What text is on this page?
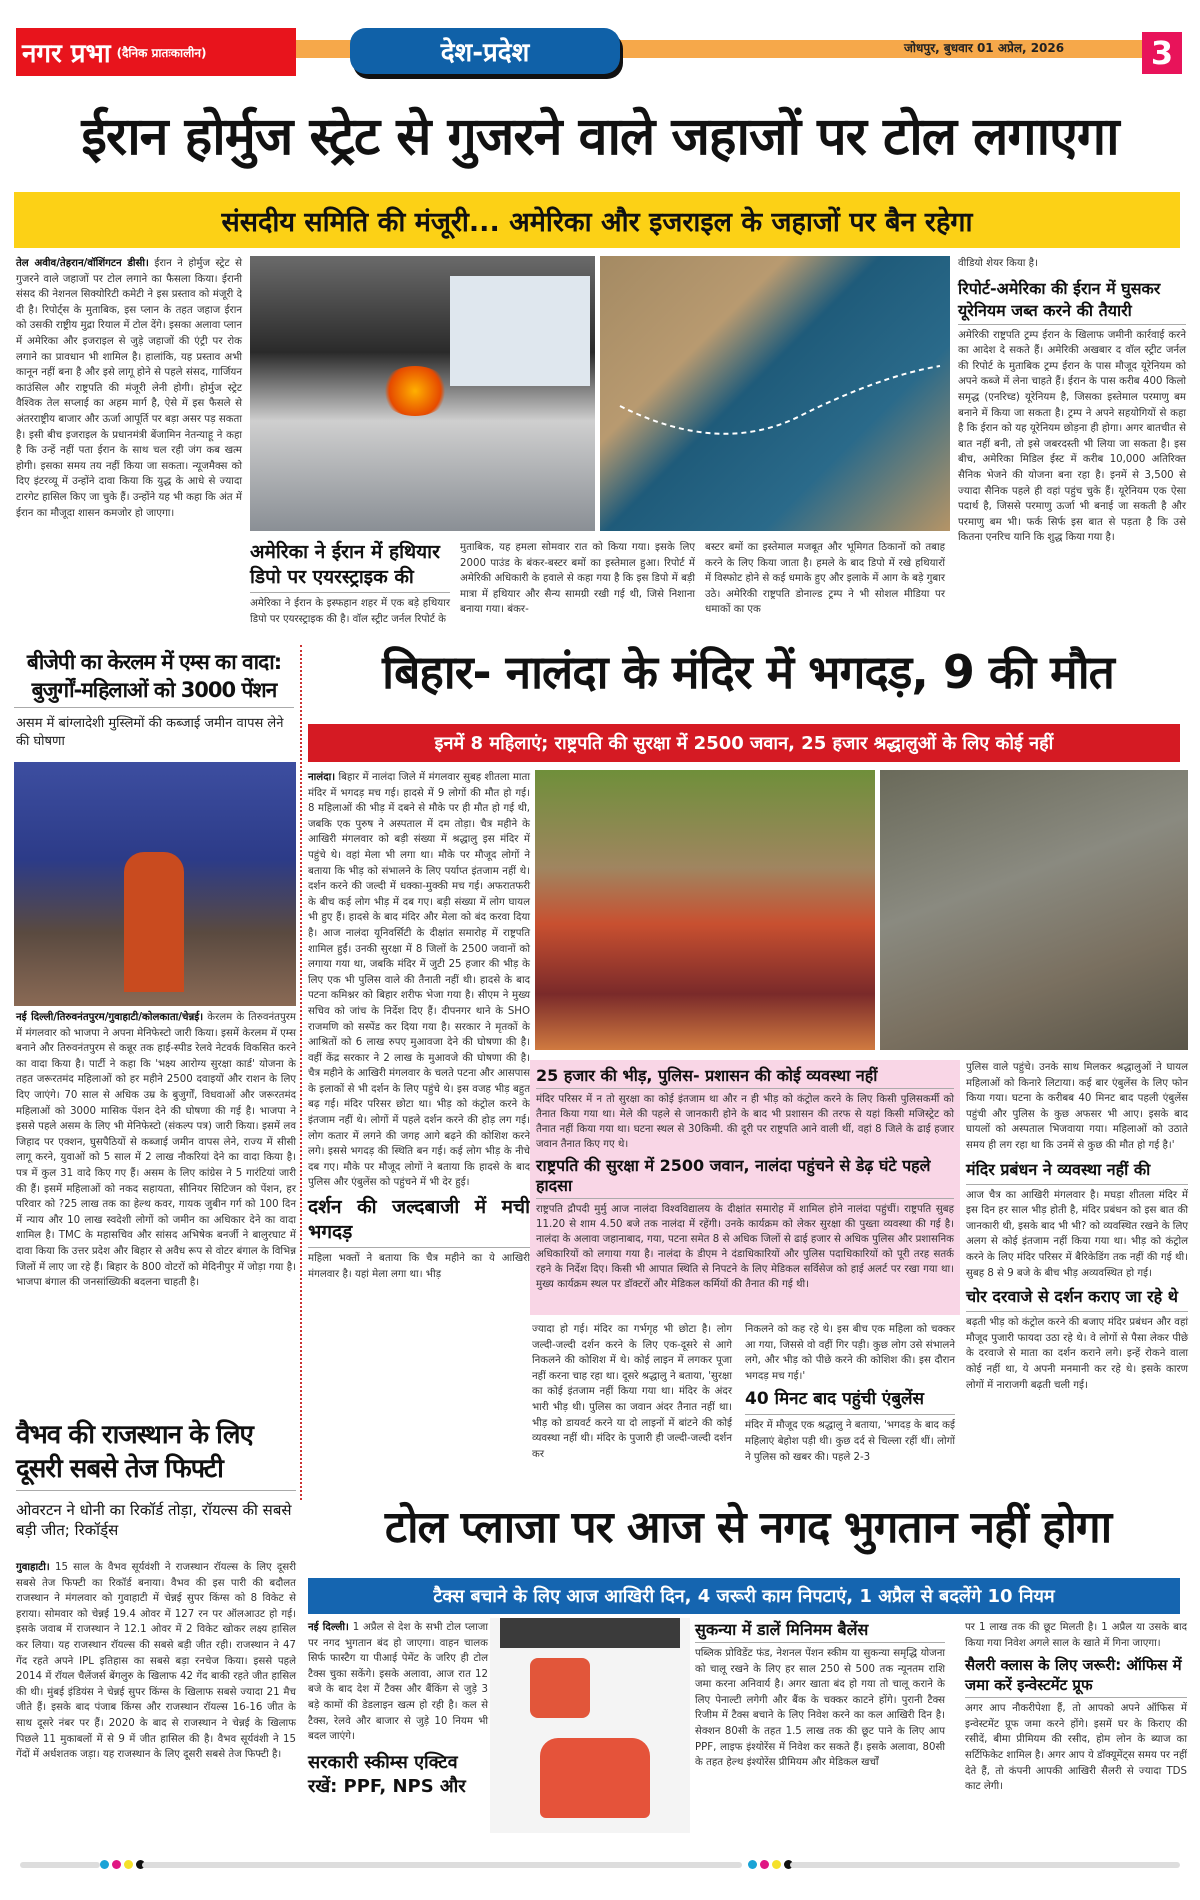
नगर प्रभा (दैनिक प्रातःकालीन)	देश-प्रदेश	जोधपुर, बुधवार 01 अप्रेल, 2026	3
ईरान होर्मुज स्ट्रेट से गुजरने वाले जहाजों पर टोल लगाएगा
संसदीय समिति की मंजूरी... अमेरिका और इजराइल के जहाजों पर बैन रहेगा
तेल अवीव/तेहरान/वॉशिंगटन डीसी। ईरान ने होर्मुज स्ट्रेट से गुजरने वाले जहाजों पर टोल लगाने का फैसला किया। ईरानी संसद की नेशनल सिक्योरिटी कमेटी ने इस प्रस्ताव को मंजूरी दे दी है। रिपोर्ट्स के मुताबिक, इस प्लान के तहत जहाज ईरान को उसकी राष्ट्रीय मुद्रा रियाल में टोल देंगे। इसका अलावा प्लान में अमेरिका और इजराइल से जुड़े जहाजों की एंट्री पर रोक लगाने का प्रावधान भी शामिल है। हालांकि, यह प्रस्ताव अभी कानून नहीं बना है और इसे लागू होने से पहले संसद, गार्जियन काउंसिल और राष्ट्रपति की मंजूरी लेनी होगी। होर्मुज स्ट्रेट वैश्विक तेल सप्लाई का अहम मार्ग है, ऐसे में इस फैसले से अंतरराष्ट्रीय बाजार और ऊर्जा आपूर्ति पर बड़ा असर पड़ सकता है। इसी बीच इजराइल के प्रधानमंत्री बेंजामिन नेतन्याहू ने कहा है कि उन्हें नहीं पता ईरान के साथ चल रही जंग कब खत्म होगी। इसका समय तय नहीं किया जा सकता। न्यूजमैक्स को दिए इंटरव्यू में उन्होंने दावा किया कि युद्ध के आधे से ज्यादा टारगेट हासिल किए जा चुके हैं। उन्होंने यह भी कहा कि अंत में ईरान का मौजूदा शासन कमजोर हो जाएगा।
अमेरिका ने ईरान में हथियार डिपो पर एयरस्ट्राइक की
अमेरिका ने ईरान के इस्फहान शहर में एक बड़े हथियार डिपो पर एयरस्ट्राइक की है। वॉल स्ट्रीट जर्नल रिपोर्ट के
मुताबिक, यह हमला सोमवार रात को किया गया। इसके लिए 2000 पाउंड के बंकर-बस्टर बमों का इस्तेमाल हुआ। रिपोर्ट में अमेरिकी अधिकारी के हवाले से कहा गया है कि इस डिपो में बड़ी मात्रा में हथियार और सैन्य सामग्री रखी गई थी, जिसे निशाना बनाया गया। बंकर-
बस्टर बमों का इस्तेमाल मजबूत और भूमिगत ठिकानों को तबाह करने के लिए किया जाता है। हमले के बाद डिपो में रखे हथियारों में विस्फोट होने से कई धमाके हुए और इलाके में आग के बड़े गुबार उठे। अमेरिकी राष्ट्रपति डोनाल्ड ट्रम्प ने भी सोशल मीडिया पर धमाकों का एक
वीडियो शेयर किया है।
रिपोर्ट-अमेरिका की ईरान में घुसकर यूरेनियम जब्त करने की तैयारी
अमेरिकी राष्ट्रपति ट्रम्प ईरान के खिलाफ जमीनी कार्रवाई करने का आदेश दे सकते हैं। अमेरिकी अखबार द वॉल स्ट्रीट जर्नल की रिपोर्ट के मुताबिक ट्रम्प ईरान के पास मौजूद यूरेनियम को अपने कब्जे में लेना चाहते हैं। ईरान के पास करीब 400 किलो समृद्ध (एनरिच्ड) यूरेनियम है, जिसका इस्तेमाल परमाणु बम बनाने में किया जा सकता है। ट्रम्प ने अपने सहयोगियों से कहा है कि ईरान को यह यूरेनियम छोड़ना ही होगा। अगर बातचीत से बात नहीं बनी, तो इसे जबरदस्ती भी लिया जा सकता है। इस बीच, अमेरिका मिडिल ईस्ट में करीब 10,000 अतिरिक्त सैनिक भेजने की योजना बना रहा है। इनमें से 3,500 से ज्यादा सैनिक पहले ही वहां पहुंच चुके हैं। यूरेनियम एक ऐसा पदार्थ है, जिससे परमाणु ऊर्जा भी बनाई जा सकती है और परमाणु बम भी। फर्क सिर्फ इस बात से पड़ता है कि उसे कितना एनरिच यानि कि शुद्ध किया गया है।
बीजेपी का केरलम में एम्स का वादा: बुजुर्गों-महिलाओं को 3000 पेंशन
असम में बांग्लादेशी मुस्लिमों की कब्जाई जमीन वापस लेने की घोषणा
नई दिल्ली/तिरुवनंतपुरम/गुवाहाटी/कोलकाता/चेन्नई। केरलम के तिरुवनंतपुरम में मंगलवार को भाजपा ने अपना मेनिफेस्टो जारी किया। इसमें केरलम में एम्स बनाने और तिरुवनंतपुरम से कन्नूर तक हाई-स्पीड रेलवे नेटवर्क विकसित करने का वादा किया है। पार्टी ने कहा कि 'भक्ष्य आरोग्य सुरक्षा कार्ड' योजना के तहत जरूरतमंद महिलाओं को हर महीने 2500 दवाइयों और राशन के लिए दिए जाएंगे। 70 साल से अधिक उम्र के बुजुर्गों, विधवाओं और जरूरतमंद महिलाओं को 3000 मासिक पेंशन देने की घोषणा की गई है। भाजपा ने इससे पहले असम के लिए भी मेनिफेस्टो (संकल्प पत्र) जारी किया। इसमें लव जिहाद पर एक्शन, घुसपैठियों से कब्जाई जमीन वापस लेने, राज्य में सीसी लागू करने, युवाओं को 5 साल में 2 लाख नौकरियां देने का वादा किया है। पत्र में कुल 31 वादे किए गए हैं। असम के लिए कांग्रेस ने 5 गारंटियां जारी की हैं। इसमें महिलाओं को नकद सहायता, सीनियर सिटिजन को पेंशन, हर परिवार को ?25 लाख तक का हेल्थ कवर, गायक जुबीन गर्ग को 100 दिन में न्याय और 10 लाख स्वदेशी लोगों को जमीन का अधिकार देने का वादा शामिल है। TMC के महासचिव और सांसद अभिषेक बनर्जी ने बालुरघाट में दावा किया कि उत्तर प्रदेश और बिहार से अवैध रूप से वोटर बंगाल के विभिन्न जिलों में लाए जा रहे हैं। बिहार के 800 वोटरों को मेदिनीपुर में जोड़ा गया है। भाजपा बंगाल की जनसांख्यिकी बदलना चाहती है।
बिहार- नालंदा के मंदिर में भगदड़, 9 की मौत
इनमें 8 महिलाएं; राष्ट्रपति की सुरक्षा में 2500 जवान, 25 हजार श्रद्धालुओं के लिए कोई नहीं
नालंदा। बिहार में नालंदा जिले में मंगलवार सुबह शीतला माता मंदिर में भगदड़ मच गई। हादसे में 9 लोगों की मौत हो गई। 8 महिलाओं की भीड़ में दबने से मौके पर ही मौत हो गई थी, जबकि एक पुरुष ने अस्पताल में दम तोड़ा। चैत्र महीने के आखिरी मंगलवार को बड़ी संख्या में श्रद्धालु इस मंदिर में पहुंचे थे। वहां मेला भी लगा था। मौके पर मौजूद लोगों ने बताया कि भीड़ को संभालने के लिए पर्याप्त इंतजाम नहीं थे। दर्शन करने की जल्दी में धक्का-मुक्की मच गई। अफरातफरी के बीच कई लोग भीड़ में दब गए। बड़ी संख्या में लोग घायल भी हुए हैं। हादसे के बाद मंदिर और मेला को बंद करवा दिया है। आज नालंदा यूनिवर्सिटी के दीक्षांत समारोह में राष्ट्रपति शामिल हुईं। उनकी सुरक्षा में 8 जिलों के 2500 जवानों को लगाया गया था, जबकि मंदिर में जुटी 25 हजार की भीड़ के लिए एक भी पुलिस वाले की तैनाती नहीं थी। हादसे के बाद पटना कमिश्नर को बिहार शरीफ भेजा गया है। सीएम ने मुख्य सचिव को जांच के निर्देश दिए हैं। दीपनगर थाने के SHO राजमणि को सस्पेंड कर दिया गया है। सरकार ने मृतकों के आश्रितों को 6 लाख रुपए मुआवजा देने की घोषणा की है। वहीं केंद्र सरकार ने 2 लाख के मुआवजे की घोषणा की है। चैत्र महीने के आखिरी मंगलवार के चलते पटना और आसपास के इलाकों से भी दर्शन के लिए पहुंचे थे। इस वजह भीड़ बहुत बढ़ गई। मंदिर परिसर छोटा था। भीड़ को कंट्रोल करने के इंतजाम नहीं थे। लोगों में पहले दर्शन करने की होड़ लग गई। लोग कतार में लगने की जगह आगे बढ़ने की कोशिश करने लगे। इससे भगदड़ की स्थिति बन गई। कई लोग भीड़ के नीचे दब गए। मौके पर मौजूद लोगों ने बताया कि हादसे के बाद पुलिस और एंबुलेंस को पहुंचने में भी देर हुई।
दर्शन की जल्दबाजी में मची भगदड़
महिला भक्तों ने बताया कि चैत्र महीने का ये आखिरी मंगलवार है। यहां मेला लगा था। भीड़
25 हजार की भीड़, पुलिस- प्रशासन की कोई व्यवस्था नहीं
मंदिर परिसर में न तो सुरक्षा का कोई इंतजाम था और न ही भीड़ को कंट्रोल करने के लिए किसी पुलिसकर्मी को तैनात किया गया था। मेले की पहले से जानकारी होने के बाद भी प्रशासन की तरफ से यहां किसी मजिस्ट्रेट को तैनात नहीं किया गया था। घटना स्थल से 30किमी. की दूरी पर राष्ट्रपति आने वाली थीं, वहां 8 जिले के ढाई हजार जवान तैनात किए गए थे।
राष्ट्रपति की सुरक्षा में 2500 जवान, नालंदा पहुंचने से डेढ़ घंटे पहले हादसा
राष्ट्रपति द्रौपदी मुर्मु आज नालंदा विश्वविद्यालय के दीक्षांत समारोह में शामिल होने नालंदा पहुंचीं। राष्ट्रपति सुबह 11.20 से शाम 4.50 बजे तक नालंदा में रहेंगी। उनके कार्यक्रम को लेकर सुरक्षा की पुख्ता व्यवस्था की गई है। नालंदा के अलावा जहानाबाद, गया, पटना समेत 8 से अधिक जिलों से ढाई हजार से अधिक पुलिस और प्रशासनिक अधिकारियों को लगाया गया है। नालंदा के डीएम ने दंडाधिकारियों और पुलिस पदाधिकारियों को पूरी तरह सतर्क रहने के निर्देश दिए। किसी भी आपात स्थिति से निपटने के लिए मेडिकल सर्विसेज को हाई अलर्ट पर रखा गया था। मुख्य कार्यक्रम स्थल पर डॉक्टरों और मेडिकल कर्मियों की तैनात की गई थी।
ज्यादा हो गई। मंदिर का गर्भगृह भी छोटा है। लोग जल्दी-जल्दी दर्शन करने के लिए एक-दूसरे से आगे निकलने की कोशिश में थे। कोई लाइन में लगकर पूजा नहीं करना चाह रहा था। दूसरे श्रद्धालु ने बताया, 'सुरक्षा का कोई इंतजाम नहीं किया गया था। मंदिर के अंदर भारी भीड़ थी। पुलिस का जवान अंदर तैनात नहीं था। भीड़ को डायवर्ट करने या दो लाइनों में बांटने की कोई व्यवस्था नहीं थी। मंदिर के पुजारी ही जल्दी-जल्दी दर्शन कर
निकलने को कह रहे थे। इस बीच एक महिला को चक्कर आ गया, जिससे वो वहीं गिर पड़ी। कुछ लोग उसे संभालने लगे, और भीड़ को पीछे करने की कोशिश की। इस दौरान भगदड़ मच गई।'
40 मिनट बाद पहुंची एंबुलेंस
मंदिर में मौजूद एक श्रद्धालु ने बताया, 'भगदड़ के बाद कई महिलाएं बेहोश पड़ी थी। कुछ दर्द से चिल्ला रहीं थीं। लोगों ने पुलिस को खबर की। पहले 2-3
पुलिस वाले पहुंचे। उनके साथ मिलकर श्रद्धालुओं ने घायल महिलाओं को किनारे लिटाया। कई बार एंबुलेंस के लिए फोन किया गया। घटना के करीबब 40 मिनट बाद पहली एंबुलेंस पहुंची और पुलिस के कुछ अफसर भी आए। इसके बाद घायलों को अस्पताल भिजवाया गया। महिलाओं को उठाते समय ही लग रहा था कि उनमें से कुछ की मौत हो गई है।'
मंदिर प्रबंधन ने व्यवस्था नहीं की
आज चैत्र का आखिरी मंगलवार है। मघड़ा शीतला मंदिर में इस दिन हर साल भीड़ होती है, मंदिर प्रबंधन को इस बात की जानकारी थी, इसके बाद भी भी? को व्यवस्थित रखने के लिए अलग से कोई इंतजाम नहीं किया गया था। भीड़ को कंट्रोल करने के लिए मंदिर परिसर में बैरिकेडिंग तक नहीं की गई थी। सुबह 8 से 9 बजे के बीच भीड़ अव्यवस्थित हो गई।
चोर दरवाजे से दर्शन कराए जा रहे थे
बढ़ती भीड़ को कंट्रोल करने की बजाए मंदिर प्रबंधन और वहां मौजूद पुजारी फायदा उठा रहे थे। वे लोगों से पैसा लेकर पीछे के दरवाजे से माता का दर्शन कराने लगे। इन्हें रोकने वाला कोई नहीं था, ये अपनी मनमानी कर रहे थे। इसके कारण लोगों में नाराजगी बढ़ती चली गई।
वैभव की राजस्थान के लिए दूसरी सबसे तेज फिफ्टी
ओवरटन ने धोनी का रिकॉर्ड तोड़ा, रॉयल्स की सबसे बड़ी जीत; रिकॉर्ड्स
गुवाहाटी। 15 साल के वैभव सूर्यवंशी ने राजस्थान रॉयल्स के लिए दूसरी सबसे तेज फिफ्टी का रिकॉर्ड बनाया। वैभव की इस पारी की बदौलत राजस्थान ने मंगलवार को गुवाहाटी में चेन्नई सुपर किंग्स को 8 विकेट से हराया। सोमवार को चेन्नई 19.4 ओवर में 127 रन पर ऑलआउट हो गई। इसके जवाब में राजस्थान ने 12.1 ओवर में 2 विकेट खोकर लक्ष्य हासिल कर लिया। यह राजस्थान रॉयल्स की सबसे बड़ी जीत रही। राजस्थान ने 47 गेंद रहते अपने IPL इतिहास का सबसे बड़ा रनचेज किया। इससे पहले 2014 में रॉयल चैलेंजर्स बेंगलुरु के खिलाफ 42 गेंद बाकी रहते जीत हासिल की थी। मुंबई इंडियंस ने चेन्नई सुपर किंग्स के खिलाफ सबसे ज्यादा 21 मैच जीते हैं। इसके बाद पंजाब किंग्स और राजस्थान रॉयल्स 16-16 जीत के साथ दूसरे नंबर पर हैं। 2020 के बाद से राजस्थान ने चेन्नई के खिलाफ पिछले 11 मुकाबलों में से 9 में जीत हासिल की है। वैभव सूर्यवंशी ने 15 गेंदों में अर्धशतक जड़ा। यह राजस्थान के लिए दूसरी सबसे तेज फिफ्टी है।
टोल प्लाजा पर आज से नगद भुगतान नहीं होगा
टैक्स बचाने के लिए आज आखिरी दिन, 4 जरूरी काम निपटाएं, 1 अप्रैल से बदलेंगे 10 नियम
नई दिल्ली। 1 अप्रैल से देश के सभी टोल प्लाजा पर नगद भुगतान बंद हो जाएगा। वाहन चालक सिर्फ फास्टैग या पीआई पेमेंट के जरिए ही टोल टैक्स चुका सकेंगे। इसके अलावा, आज रात 12 बजे के बाद देश में टैक्स और बैंकिंग से जुड़े 3 बड़े कामों की डेडलाइन खत्म हो रही है। कल से टैक्स, रेलवे और बाजार से जुड़े 10 नियम भी बदल जाएंगे।
सरकारी स्कीम्स एक्टिव रखें: PPF, NPS और
सुकन्या में डालें मिनिमम बैलेंस
पब्लिक प्रोविडेंट फंड, नेशनल पेंशन स्कीम या सुकन्या समृद्धि योजना को चालू रखने के लिए हर साल 250 से 500 तक न्यूनतम राशि जमा करना अनिवार्य है। अगर खाता बंद हो गया तो चालू कराने के लिए पेनाल्टी लगेगी और बैंक के चक्कर काटने होंगे। पुरानी टैक्स रिजीम में टैक्स बचाने के लिए निवेश करने का कल आखिरी दिन है। सेक्शन 80सी के तहत 1.5 लाख तक की छूट पाने के लिए आप PPF, लाइफ इंश्योरेंस में निवेश कर सकते हैं। इसके अलावा, 80सी के तहत हेल्थ इंश्योरेंस प्रीमियम और मेडिकल खर्चों
पर 1 लाख तक की छूट मिलती है। 1 अप्रैल या उसके बाद किया गया निवेश अगले साल के खाते में गिना जाएगा।
सैलरी क्लास के लिए जरूरी: ऑफिस में जमा करें इन्वेस्टमेंट प्रूफ
अगर आप नौकरीपेशा हैं, तो आपको अपने ऑफिस में इन्वेस्टमेंट प्रूफ जमा करने होंगे। इसमें घर के किराए की रसीदें, बीमा प्रीमियम की रसीद, होम लोन के ब्याज का सर्टिफिकेट शामिल है। अगर आप ये डॉक्यूमेंट्स समय पर नहीं देते हैं, तो कंपनी आपकी आखिरी सैलरी से ज्यादा TDS काट लेगी।
